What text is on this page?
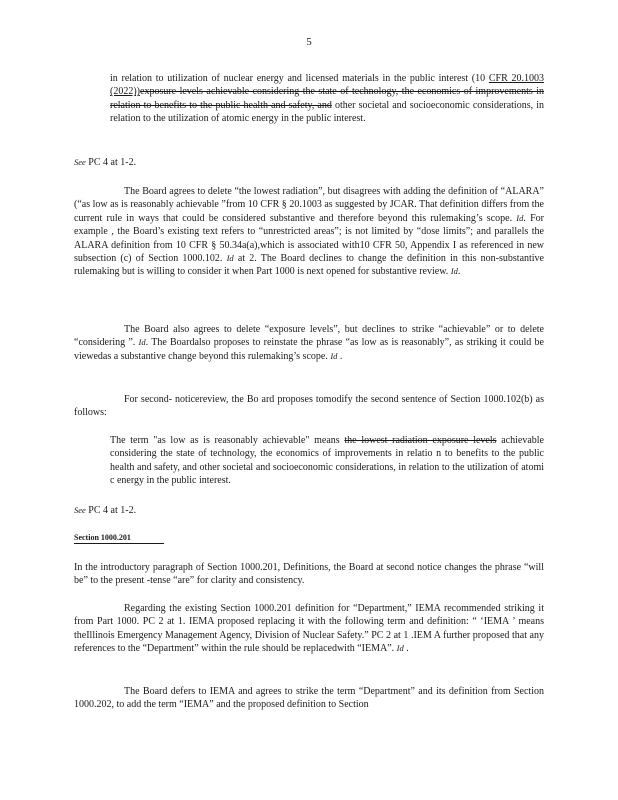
5

in relation to utilization of nuclear energy and licensed materials in the public interest (10 CFR 20.1003 (2022))exposure levels achievable considering the state of technology, the economics of improvements in relation to benefits to the public health and safety, and other societal and socioeconomic considerations, in relation to the utilization of atomic energy in the public interest.

See PC 4 at 1-2.

The Board agrees to delete “the lowest radiation”, but disagrees with adding the definition of “ALARA” (“as low as is reasonably achievable ”from 10 CFR § 20.1003 as suggested by JCAR. That definition differs from the current rule in ways that could be considered substantive and therefore beyond this rulemaking’s scope. Id. For example , the Board’s existing text refers to “unrestricted areas”; is not limited by “dose limits”; and parallels the ALARA definition from 10 CFR § 50.34a(a),which is associated with10 CFR 50, Appendix I as referenced in new subsection (c) of Section 1000.102. Id at 2. The Board declines to change the definition in this non-substantive rulemaking but is willing to consider it when Part 1000 is next opened for substantive review. Id.

The Board also agrees to delete “exposure levels”, but declines to strike “achievable” or to delete “considering ”. Id. The Boardalso proposes to reinstate the phrase “as low as is reasonably”, as striking it could be viewedas a substantive change beyond this rulemaking’s scope. Id .

For second- noticereview, the Bo ard proposes tomodify the second sentence of Section 1000.102(b) as follows:

The term "as low as is reasonably achievable" means the lowest radiation exposure levels achievable considering the state of technology, the economics of improvements in relatio n to benefits to the public health and safety, and other societal and socioeconomic considerations, in relation to the utilization of atomi c energy in the public interest.

See PC 4 at 1-2.

Section 1000.201

In the introductory paragraph of Section 1000.201, Definitions, the Board at second notice changes the phrase “will be” to the present -tense “are” for clarity and consistency.

Regarding the existing Section 1000.201 definition for “Department,” IEMA recommended striking it from Part 1000. PC 2 at 1. IEMA proposed replacing it with the following term and definition: “ ‘IEMA ’ means theIllinois Emergency Management Agency, Division of Nuclear Safety.” PC 2 at 1 .IEM A further proposed that any references to the “Department” within the rule should be replacedwith “IEMA”. Id .

The Board defers to IEMA and agrees to strike the term “Department” and its definition from Section 1000.202, to add the term “IEMA” and the proposed definition to Section
